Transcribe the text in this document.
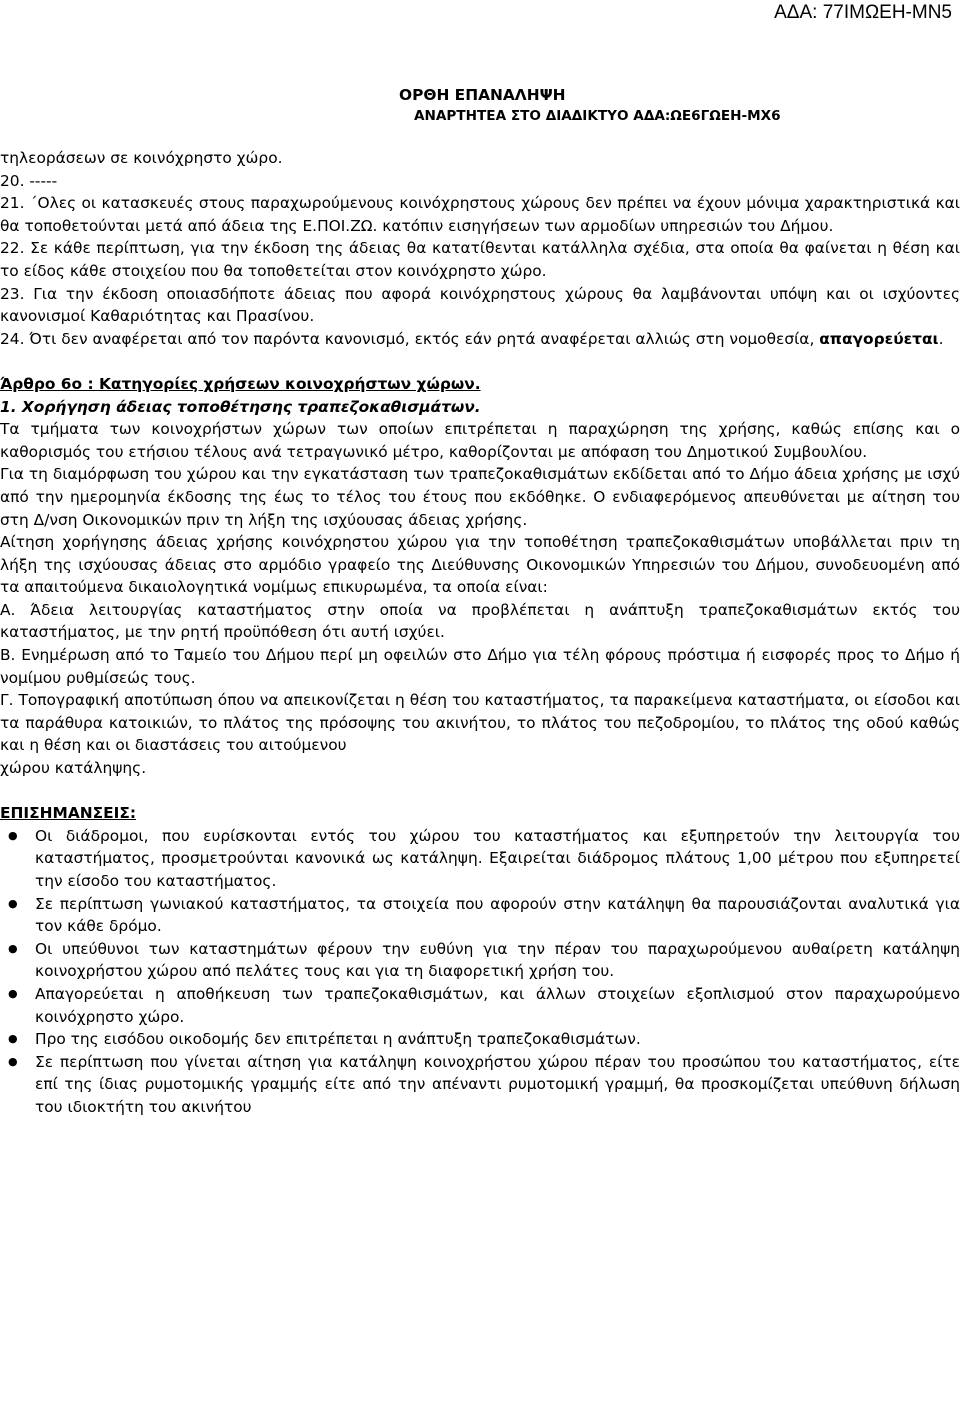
ΑΔΑ: 77ΙΜΩΕΗ-ΜΝ5
ΟΡΘΗ ΕΠΑΝΑΛΗΨΗ
ΑΝΑΡΤΗΤΕΑ ΣΤΟ ΔΙΑΔΙΚΤΥΟ ΑΔΑ:ΩΕ6ΓΩΕΗ-ΜΧ6

τηλεοράσεων σε κοινόχρηστο χώρο.

20. -----

21. ΄Ολες οι κατασκευές στους παραχωρούμενους κοινόχρηστους χώρους δεν πρέπει να έχουν μόνιμα χαρακτηριστικά και θα τοποθετούνται μετά από άδεια της Ε.ΠΟΙ.ΖΩ. κατόπιν εισηγήσεων των αρμοδίων υπηρεσιών του Δήμου.

22. Σε κάθε περίπτωση, για την έκδοση της άδειας θα κατατίθενται κατάλληλα σχέδια, στα οποία θα φαίνεται η θέση και το είδος κάθε στοιχείου που θα τοποθετείται στον κοινόχρηστο χώρο.

23. Για την έκδοση οποιασδήποτε άδειας που αφορά κοινόχρηστους χώρους θα λαμβάνονται υπόψη και οι ισχύοντες κανονισμοί Καθαριότητας και Πρασίνου.

24. Ότι δεν αναφέρεται από τον παρόντα κανονισμό, εκτός εάν ρητά αναφέρεται αλλιώς στη νομοθεσία, απαγορεύεται.

Άρθρο 6ο : Κατηγορίες χρήσεων κοινοχρήστων χώρων.

1. Χορήγηση άδειας τοποθέτησης τραπεζοκαθισμάτων.

Τα τμήματα των κοινοχρήστων χώρων των οποίων επιτρέπεται η παραχώρηση της χρήσης, καθώς επίσης και ο καθορισμός του ετήσιου τέλους ανά τετραγωνικό μέτρο, καθορίζονται με απόφαση του Δημοτικού Συμβουλίου.

Για τη διαμόρφωση του χώρου και την εγκατάσταση των τραπεζοκαθισμάτων εκδίδεται από το Δήμο άδεια χρήσης με ισχύ από την ημερομηνία έκδοσης της έως το τέλος του έτους που εκδόθηκε. Ο ενδιαφερόμενος απευθύνεται με αίτηση του στη Δ/νση Οικονομικών πριν τη λήξη της ισχύουσας άδειας χρήσης.

Αίτηση χορήγησης άδειας χρήσης κοινόχρηστου χώρου για την τοποθέτηση τραπεζοκαθισμάτων υποβάλλεται πριν τη λήξη της ισχύουσας άδειας στο αρμόδιο γραφείο της Διεύθυνσης Οικονομικών Υπηρεσιών του Δήμου, συνοδευομένη από τα απαιτούμενα δικαιολογητικά νομίμως επικυρωμένα, τα οποία είναι:

Α. Άδεια λειτουργίας καταστήματος στην οποία να προβλέπεται η ανάπτυξη τραπεζοκαθισμάτων εκτός του καταστήματος, με την ρητή προϋπόθεση ότι αυτή ισχύει.

Β. Ενημέρωση από το Ταμείο του Δήμου περί μη οφειλών στο Δήμο για τέλη φόρους πρόστιμα ή εισφορές προς το Δήμο ή νομίμου ρυθμίσεώς τους.

Γ. Τοπογραφική αποτύπωση όπου να απεικονίζεται η θέση του καταστήματος, τα παρακείμενα καταστήματα, οι είσοδοι και τα παράθυρα κατοικιών, το πλάτος της πρόσοψης του ακινήτου, το πλάτος του πεζοδρομίου, το πλάτος της οδού καθώς και η θέση και οι διαστάσεις του αιτούμενου

χώρου κατάληψης.

ΕΠΙΣΗΜΑΝΣΕΙΣ:

● Οι διάδρομοι, που ευρίσκονται εντός του χώρου του καταστήματος και εξυπηρετούν την λειτουργία του καταστήματος, προσμετρούνται κανονικά ως κατάληψη. Εξαιρείται διάδρομος πλάτους 1,00 μέτρου που εξυπηρετεί την είσοδο του καταστήματος.
● Σε περίπτωση γωνιακού καταστήματος, τα στοιχεία που αφορούν στην κατάληψη θα παρουσιάζονται αναλυτικά για τον κάθε δρόμο.
● Οι υπεύθυνοι των καταστημάτων φέρουν την ευθύνη για την πέραν του παραχωρούμενου αυθαίρετη κατάληψη κοινοχρήστου χώρου από πελάτες τους και για τη διαφορετική χρήση του.
● Απαγορεύεται η αποθήκευση των τραπεζοκαθισμάτων, και άλλων στοιχείων εξοπλισμού στον παραχωρούμενο κοινόχρηστο χώρο.
● Προ της εισόδου οικοδομής δεν επιτρέπεται η ανάπτυξη τραπεζοκαθισμάτων.
● Σε περίπτωση που γίνεται αίτηση για κατάληψη κοινοχρήστου χώρου πέραν του προσώπου του καταστήματος, είτε επί της ίδιας ρυμοτομικής γραμμής είτε από την απέναντι ρυμοτομική γραμμή, θα προσκομίζεται υπεύθυνη δήλωση του ιδιοκτήτη του ακινήτου
